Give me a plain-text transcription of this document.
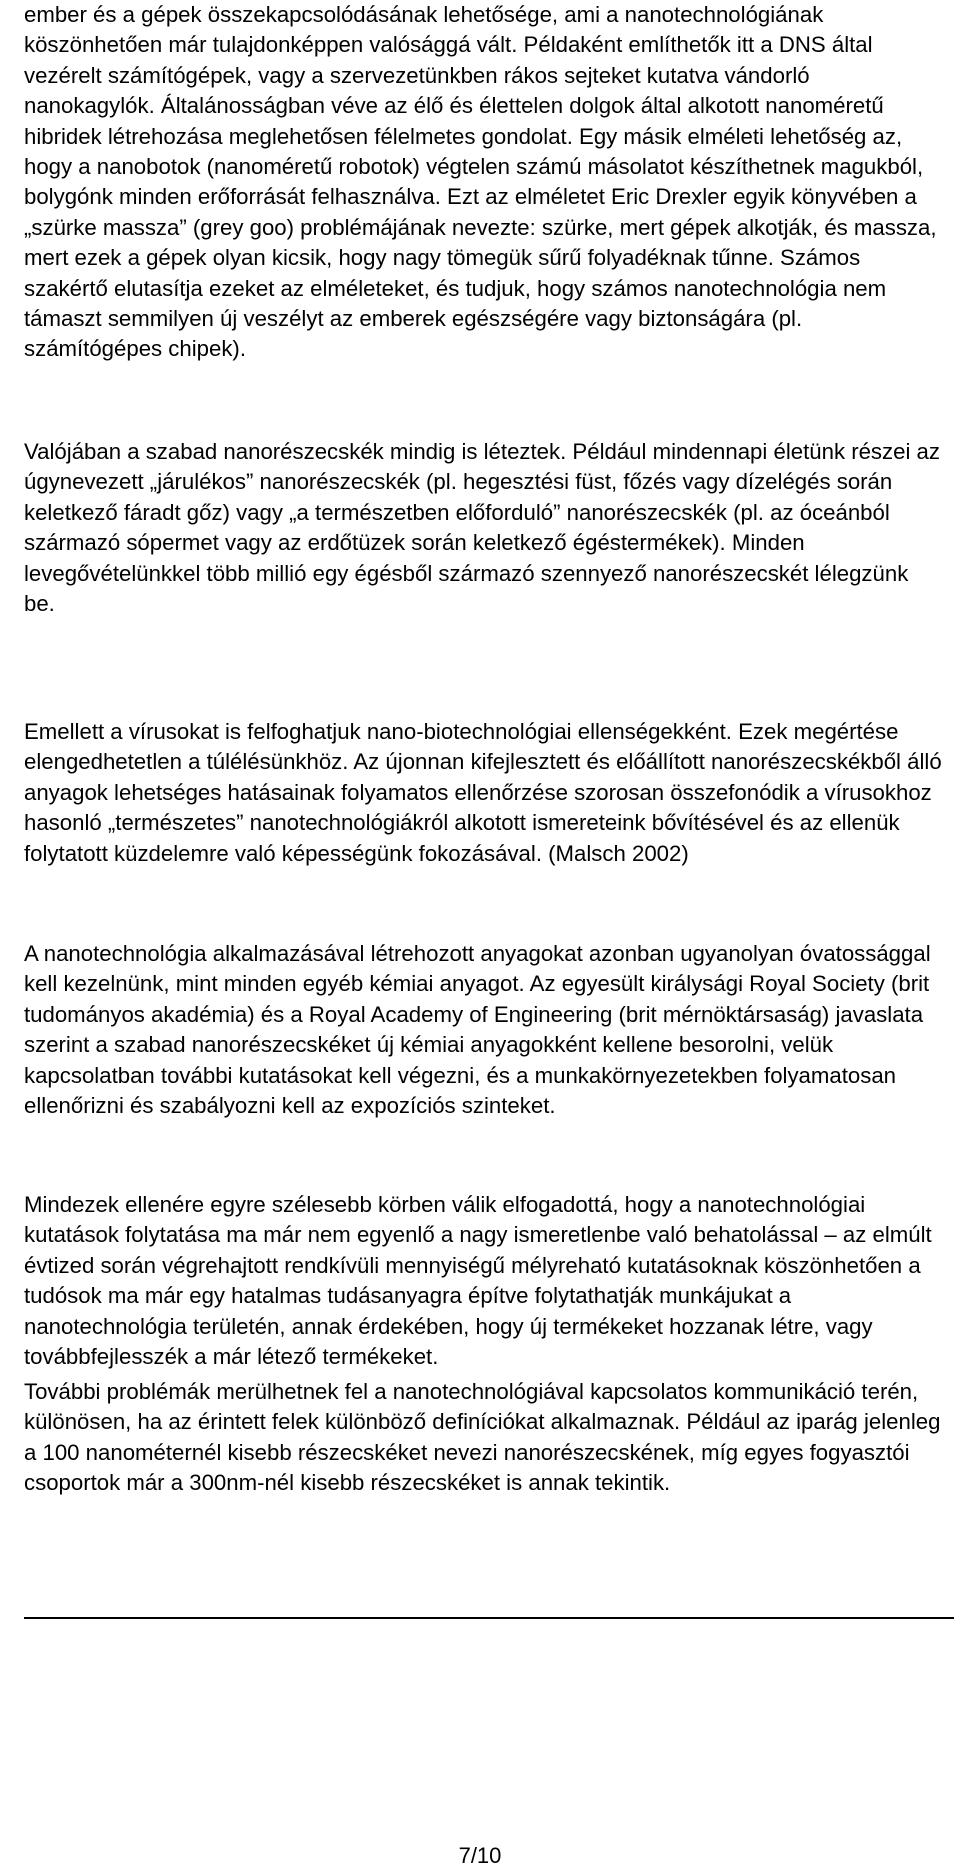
ember és a gépek összekapcsolódásának lehetősége, ami a nanotechnológiának köszönhetően már tulajdonképpen valósággá vált. Példaként említhetők itt a DNS által vezérelt számítógépek, vagy a szervezetünkben rákos sejteket kutatva vándorló nanokagylók. Általánosságban véve az élő és élettelen dolgok által alkotott nanoméretű hibridek létrehozása meglehetősen félelmetes gondolat. Egy másik elméleti lehetőség az, hogy a nanobotok (nanoméretű robotok) végtelen számú másolatot készíthetnek magukból, bolygónk minden erőforrását felhasználva. Ezt az elméletet Eric Drexler egyik könyvében a „szürke massza” (grey goo) problémájának nevezte: szürke, mert gépek alkotják, és massza, mert ezek a gépek olyan kicsik, hogy nagy tömegük sűrű folyadéknak tűnne. Számos szakértő elutasítja ezeket az elméleteket, és tudjuk, hogy számos nanotechnológia nem támaszt semmilyen új veszélyt az emberek egészségére vagy biztonságára (pl. számítógépes chipek).

Valójában a szabad nanorészecskék mindig is léteztek. Például mindennapi életünk részei az úgynevezett „járulékos” nanorészecskék (pl. hegesztési füst, főzés vagy dízelégés során keletkező fáradt gőz) vagy „a természetben előforduló” nanorészecskék (pl. az óceánból származó sópermet vagy az erdőtüzek során keletkező égéstermékek). Minden levegővételünkkel több millió egy égésből származó szennyező nanorészecskét lélegzünk be.

Emellett a vírusokat is felfoghatjuk nano-biotechnológiai ellenségekként. Ezek megértése elengedhetetlen a túlélésünkhöz. Az újonnan kifejlesztett és előállított nanorészecskékből álló anyagok lehetséges hatásainak folyamatos ellenőrzése szorosan összefonódik a vírusokhoz hasonló „természetes” nanotechnológiákról alkotott ismereteink bővítésével és az ellenük folytatott küzdelemre való képességünk fokozásával. (Malsch 2002)

A nanotechnológia alkalmazásával létrehozott anyagokat azonban ugyanolyan óvatossággal kell kezelnünk, mint minden egyéb kémiai anyagot. Az egyesült királysági Royal Society (brit tudományos akadémia) és a Royal Academy of Engineering (brit mérnöktársaság) javaslata szerint a szabad nanorészecskéket új kémiai anyagokként kellene besorolni, velük kapcsolatban további kutatásokat kell végezni, és a munkakörnyezetekben folyamatosan ellenőrizni és szabályozni kell az expozíciós szinteket.

Mindezek ellenére egyre szélesebb körben válik elfogadottá, hogy a nanotechnológiai kutatások folytatása ma már nem egyenlő a nagy ismeretlenbe való behatolással – az elmúlt évtized során végrehajtott rendkívüli mennyiségű mélyreható kutatásoknak köszönhetően a tudósok ma már egy hatalmas tudásanyagra építve folytathatják munkájukat a nanotechnológia területén, annak érdekében, hogy új termékeket hozzanak létre, vagy továbbfejlesszék a már létező termékeket.

További problémák merülhetnek fel a nanotechnológiával kapcsolatos kommunikáció terén, különösen, ha az érintett felek különböző definíciókat alkalmaznak. Például az iparág jelenleg a 100 nanométernél kisebb részecskéket nevezi nanorészecskének, míg egyes fogyasztói csoportok már a 300nm-nél kisebb részecskéket is annak tekintik.

7/10
